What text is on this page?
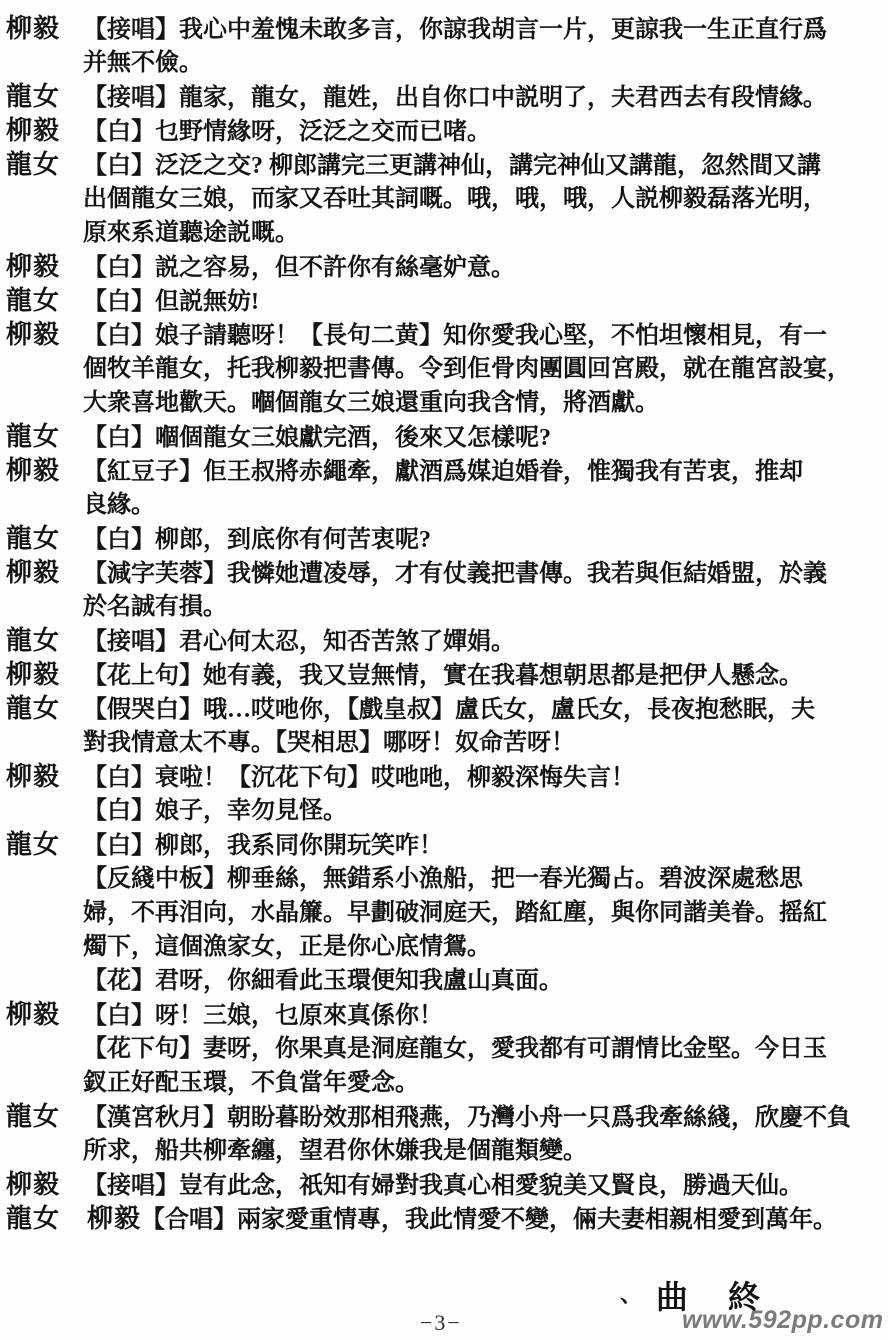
柳毅 【接唱】我心中羞愧未敢多言，你諒我胡言一片，更諒我一生正直行爲
并無不儉。
龍女 【接唱】龍家，龍女，龍姓，出自你口中説明了，夫君西去有段情緣。
柳毅 【白】乜野情緣呀，泛泛之交而已啫。
龍女 【白】泛泛之交? 柳郎講完三更講神仙，講完神仙又講龍，忽然間又講
出個龍女三娘，而家又吞吐其詞嘅。哦，哦，哦，人説柳毅磊落光明，
原來系道聽途説嘅。
柳毅 【白】説之容易，但不許你有絲毫妒意。
龍女 【白】但説無妨!
柳毅 【白】娘子請聽呀！【長句二黄】知你愛我心堅，不怕坦懷相見，有一
個牧羊龍女，托我柳毅把書傳。令到佢骨肉團圓回宮殿，就在龍宮設宴，
大衆喜地歡天。嗰個龍女三娘還重向我含情，將酒獻。
龍女 【白】嗰個龍女三娘獻完酒，後來又怎樣呢?
柳毅 【紅豆子】佢王叔將赤繩牽，獻酒爲媒迫婚眷，惟獨我有苦衷，推却
良緣。
龍女 【白】柳郎，到底你有何苦衷呢?
柳毅 【減字芙蓉】我憐她遭凌辱，才有仗義把書傳。我若與佢結婚盟，於義
於名誠有損。
龍女 【接唱】君心何太忍，知否苦煞了嬋娟。
柳毅 【花上句】她有義，我又豈無情，實在我暮想朝思都是把伊人懸念。
龍女 【假哭白】哦…哎吔你，【戲皇叔】盧氏女，盧氏女，長夜抱愁眠，夫
對我情意太不專。【哭相思】哪呀！奴命苦呀！
柳毅 【白】衰啦！【沉花下句】哎吔吔，柳毅深悔失言！
【白】娘子，幸勿見怪。
龍女 【白】柳郎，我系同你開玩笑咋！
【反綫中板】柳垂絲，無錯系小漁船，把一春光獨占。碧波深處愁思
婦，不再泪向，水晶簾。早劃破洞庭天，踏紅塵，與你同諧美眷。摇紅
燭下，這個漁家女，正是你心底情鴛。
【花】君呀，你細看此玉環便知我盧山真面。
柳毅 【白】呀！三娘，乜原來真係你！
【花下句】妻呀，你果真是洞庭龍女，愛我都有可謂情比金堅。今日玉
釵正好配玉環，不負當年愛念。
龍女 【漢宮秋月】朝盼暮盼效那相飛燕，乃灣小舟一只爲我牽絲綫，欣慶不負
所求，船共柳牽纏，望君你休嫌我是個龍類變。
柳毅 【接唱】豈有此念，祇知有婦對我真心相愛貌美又賢良，勝過天仙。
龍女　柳毅 【合唱】兩家愛重情專，我此情愛不變，倆夫妻相親相愛到萬年。
、 曲 終
www.592pp.com
−3−
